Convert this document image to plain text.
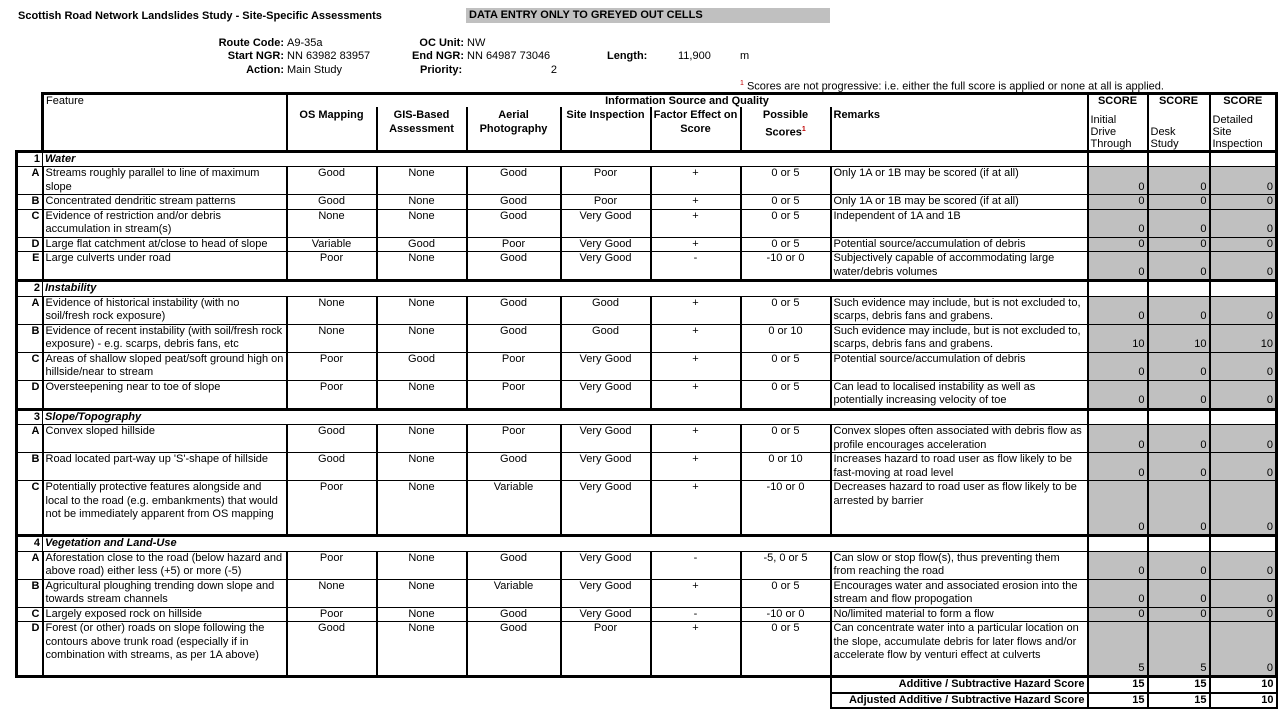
Scottish Road Network Landslides Study - Site-Specific Assessments	DATA ENTRY ONLY TO GREYED OUT CELLS
Route Code: A9-35a
Start NGR: NN 63982 83957
Action: Main Study
OC Unit: NW
End NGR: NN 64987 73046
Priority:	2
Length:	11,900	m
$^1$ Scores are not progressive: i.e. either the full score is applied or none at all is applied.
	Feature	Information Source and Quality							SCORE	SCORE	SCORE
		OS Mapping	GIS-Based Assessment	Aerial Photography	Site Inspection	Factor Effect on Score	Possible Scores$^1$	Remarks	Initial Drive Through	Desk Study	Detailed Site Inspection
1	Water										
A	Streams roughly parallel to line of maximum slope	Good	None	Good	Poor	+	0 or 5	Only 1A or 1B may be scored (if at all)	0	0	0
B	Concentrated dendritic stream patterns	Good	None	Good	Poor	+	0 or 5	Only 1A or 1B may be scored (if at all)	0	0	0
C	Evidence of restriction and/or debris accumulation in stream(s)	None	None	Good	Very Good	+	0 or 5	Independent of 1A and 1B	0	0	0
D	Large flat catchment at/close to head of slope	Variable	Good	Poor	Very Good	+	0 or 5	Potential source/accumulation of debris	0	0	0
E	Large culverts under road	Poor	None	Good	Very Good	-	-10 or 0	Subjectively capable of accommodating large water/debris volumes	0	0	0
2	Instability										
A	Evidence of historical instability (with no soil/fresh rock exposure)	None	None	Good	Good	+	0 or 5	Such evidence may include, but is not excluded to, scarps, debris fans and grabens.	0	0	0
B	Evidence of recent instability (with soil/fresh rock exposure) - e.g. scarps, debris fans, etc	None	None	Good	Good	+	0 or 10	Such evidence may include, but is not excluded to, scarps, debris fans and grabens.	10	10	10
C	Areas of shallow sloped peat/soft ground high on hillside/near to stream	Poor	Good	Poor	Very Good	+	0 or 5	Potential source/accumulation of debris	0	0	0
D	Oversteepening near to toe of slope	Poor	None	Poor	Very Good	+	0 or 5	Can lead to localised instability as well as potentially increasing velocity of toe	0	0	0
3	Slope/Topography										
A	Convex sloped hillside	Good	None	Poor	Very Good	+	0 or 5	Convex slopes often associated with debris flow as profile encourages acceleration	0	0	0
B	Road located part-way up 'S'-shape of hillside	Good	None	Good	Very Good	+	0 or 10	Increases hazard to road user as flow likely to be fast-moving at road level	0	0	0
C	Potentially protective features alongside and local to the road (e.g. embankments) that would not be immediately apparent from OS mapping	Poor	None	Variable	Very Good	+	-10 or 0	Decreases hazard to road user as flow likely to be arrested by barrier	0	0	0
4	Vegetation and Land-Use										
A	Aforestation close to the road (below hazard and above road) either less (+5) or more (-5)	Poor	None	Good	Very Good	-	-5, 0 or 5	Can slow or stop flow(s), thus preventing them from reaching the road	0	0	0
B	Agricultural ploughing trending down slope and towards stream channels	None	None	Variable	Very Good	+	0 or 5	Encourages water and associated erosion into the stream and flow propogation	0	0	0
C	Largely exposed rock on hillside	Poor	None	Good	Very Good	-	-10 or 0	No/limited material to form a flow	0	0	0
D	Forest (or other) roads on slope following the contours above trunk road (especially if in combination with streams, as per 1A above)	Good	None	Good	Poor	+	0 or 5	Can concentrate water into a particular location on the slope, accumulate debris for later flows and/or accelerate flow by venturi effect at culverts	5	5	0
								Additive / Subtractive Hazard Score	15	15	10
								Adjusted Additive / Subtractive Hazard Score	15	15	10
